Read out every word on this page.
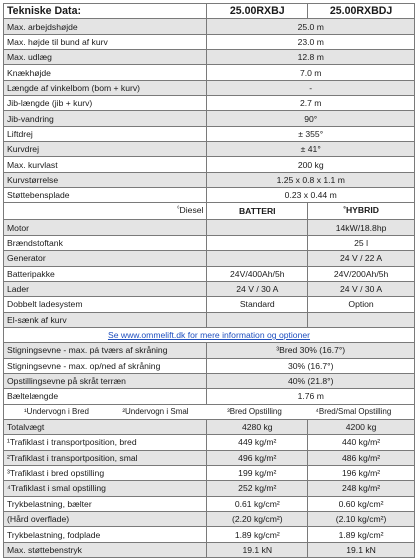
Tekniske Data:	25.00RXBJ	25.00RXBDJ
Max. arbejdshøjde	25.0 m	
Max. højde til bund af kurv	23.0 m	
Max. udlæg	12.8 m	
Knækhøjde	7.0 m	
Længde af vinkelbom (bom + kurv)	-	
Jib-længde (jib + kurv)	2.7 m	
Jib-vandring	90°	
Liftdrej	± 355°	
Kurvdrej	± 41°	
Max. kurvlast	200 kg	
Kurvstørrelse	1.25 x 0.8 x 1.1 m	
Støttebensplade	0.23 x 0.44 m	
$^{^6}$Diesel	BATTERI	$^{^6}$HYBRID
Motor		14kW/18.8hp
Brændstoftank		25 l
Generator		24 V / 22 A
Batteripakke	24V/400Ah/5h	24V/200Ah/5h
Lader	24 V / 30 A	24 V / 30 A
Dobbelt ladesystem	Standard	Option
El-sænk af kurv		
Se www.ommelift.dk for mere information og optioner		
Stigningsevne - max. pá tværs af skråning	³Bred 30% (16.7°)	
Stigningsevne - max. op/ned af skråning	30% (16.7°)	
Opstillingsevne på skråt terræn	40% (21.8°)	
Bæltelængde	1.76 m	
¹Undervogn i Bred ²Undervogn i Smal ³Bred Opstilling ⁴Bred/Smal Opstilling		
Totalvægt	4280 kg	4200 kg
¹Trafiklast i transportposition, bred	449 kg/m²	440 kg/m²
²Trafiklast i transportposition, smal	496 kg/m²	486 kg/m²
³Trafiklast i bred opstilling	199 kg/m²	196 kg/m²
⁴Trafiklast i smal opstilling	252 kg/m²	248 kg/m²
Trykbelastning, bælter	0.61 kg/cm²	0.60 kg/cm²
(Hård overflade)	(2.20 kg/cm²)	(2.10 kg/cm²)
Trykbelastning, fodplade	1.89 kg/cm²	1.89 kg/cm²
Max. støttebenstryk	19.1 kN	19.1 kN
